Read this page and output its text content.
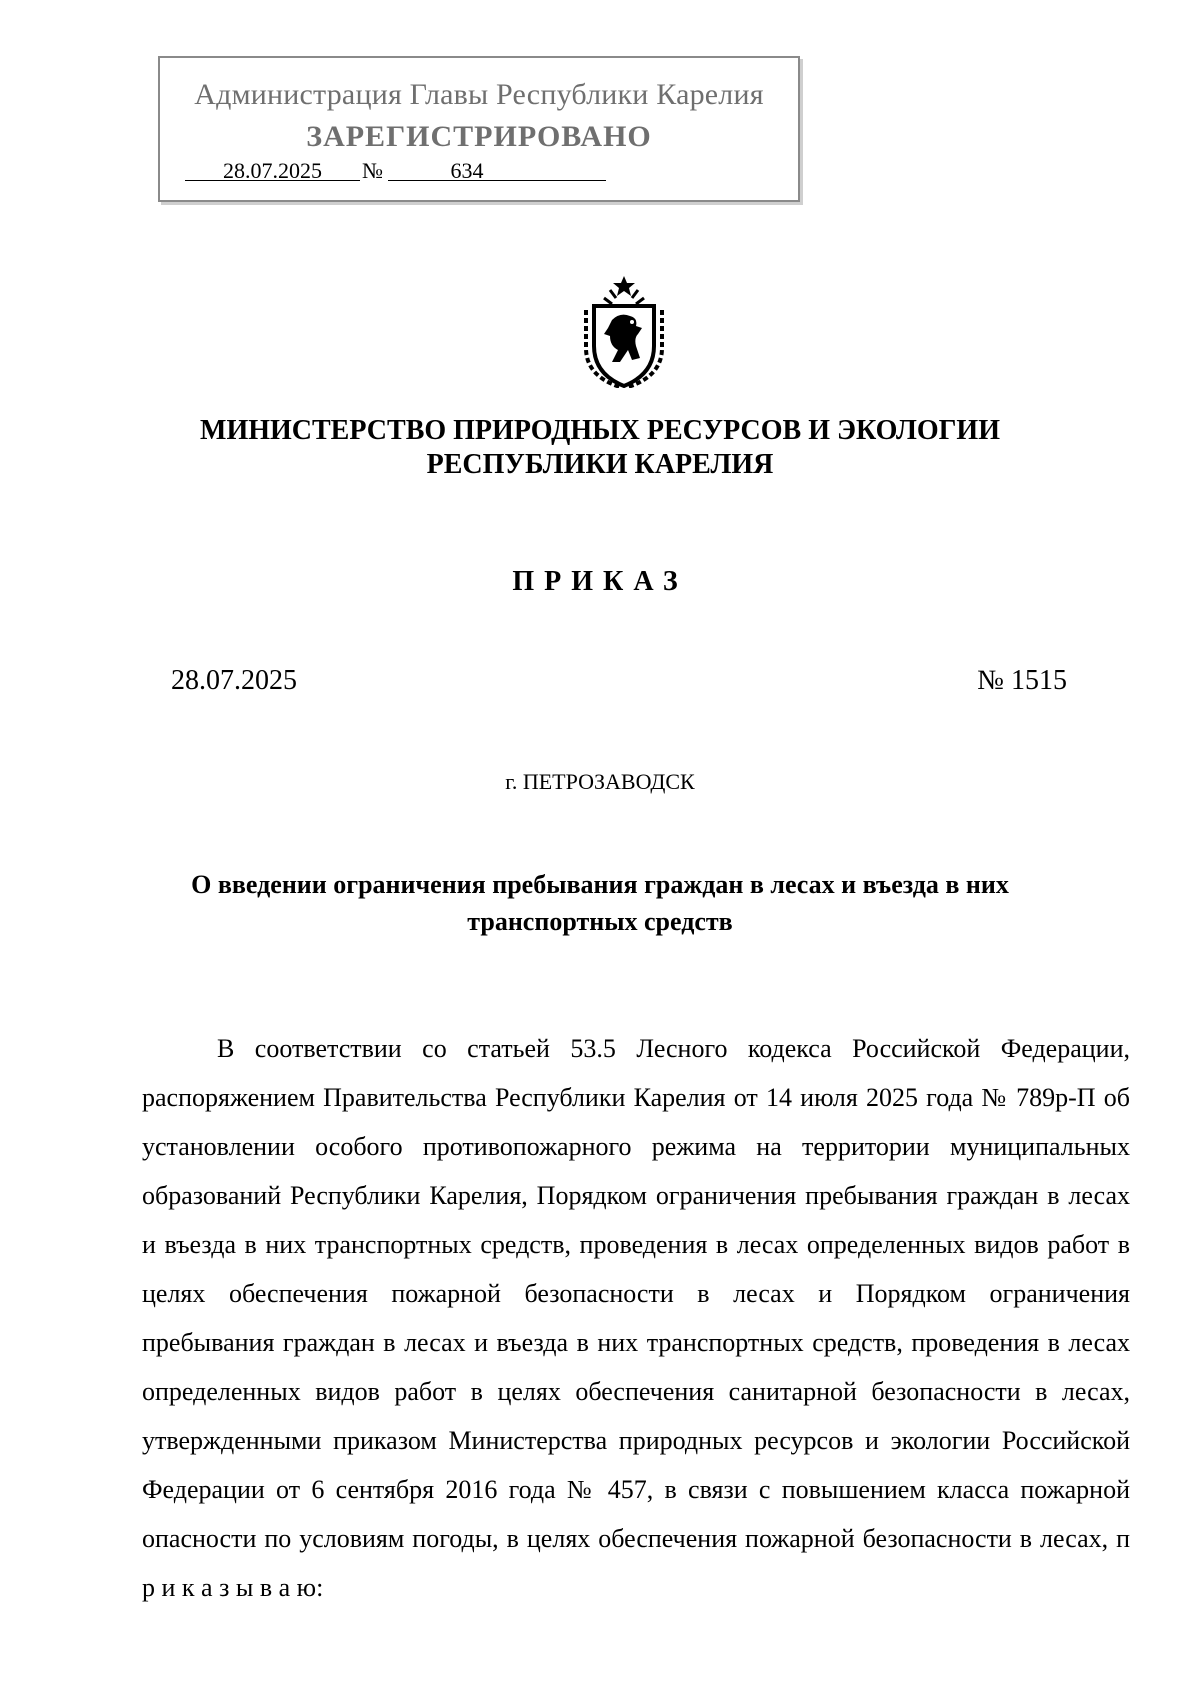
Администрация Главы Республики Карелия
ЗАРЕГИСТРИРОВАНО
28.07.2025	№	634
МИНИСТЕРСТВО ПРИРОДНЫХ РЕСУРСОВ И ЭКОЛОГИИ
РЕСПУБЛИКИ КАРЕЛИЯ
ПРИКАЗ
28.07.2025	№ 1515
г. ПЕТРОЗАВОДСК
О введении ограничения пребывания граждан в лесах и въезда в них
транспортных средств
В соответствии со статьей 53.5 Лесного кодекса Российской Федерации, распоряжением Правительства Республики Карелия от 14 июля 2025 года № 789р-П об установлении особого противопожарного режима на территории муниципальных образований Республики Карелия, Порядком ограничения пребывания граждан в лесах и въезда в них транспортных средств, проведения в лесах определенных видов работ в целях обеспечения пожарной безопасности в лесах и Порядком ограничения пребывания граждан в лесах и въезда в них транспортных средств, проведения в лесах определенных видов работ в целях обеспечения санитарной безопасности в лесах, утвержденными приказом Министерства природных ресурсов и экологии Российской Федерации от 6 сентября 2016 года № 457, в связи с повышением класса пожарной опасности по условиям погоды, в целях обеспечения пожарной безопасности в лесах, п р и к а з ы в а ю:
